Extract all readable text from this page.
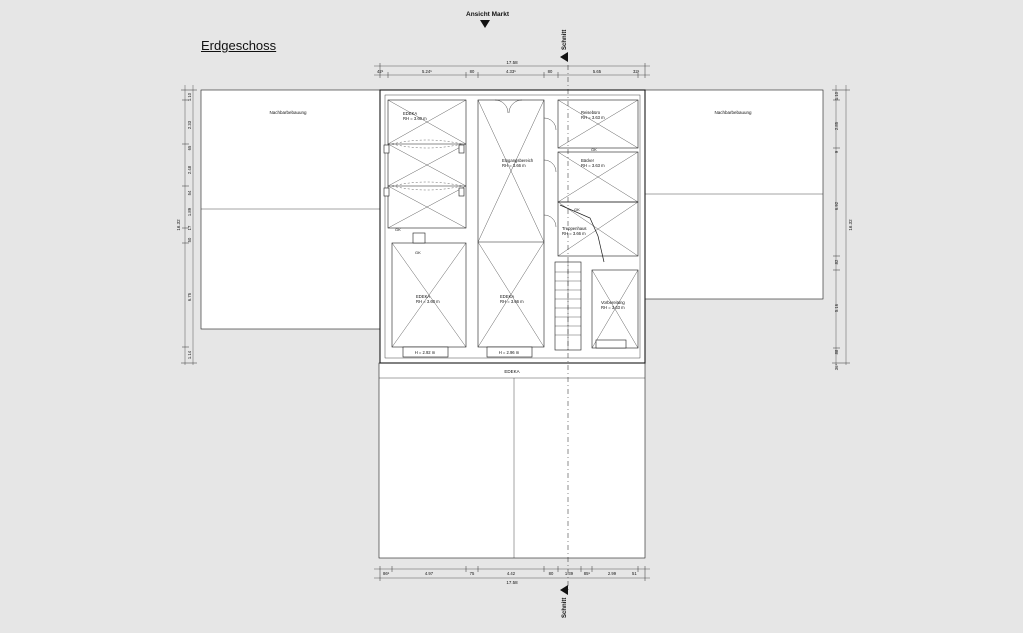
Nachbarbebauung	Nachbarbebauung
EDEKA
EDEKA
RH = 3.60 m
Eingangsbereich
RH = 3.66 m
Reisebüro
RH = 3.63 m
Bäcker
RH = 3.63 m
Treppenhaus
RH = 3.66 m
EDEKA
RH = 3.60 m
EDEKA
RH = 3.66 m	Vorbereitung
RH = 3.63 m
H = 2.92 m	H = 2.96 m
GK
GK
GK
GK
17.58
42⁵	5.24⁵	80	4.33⁵	80	5.65	32⁵
86⁵	4.97	75	4.42	80	1.39	85⁵	2.99	51
17.58
16.32
1.10
2.33
65
2.48
54
1.89
17
50
6.75
1.14
16.32
1.10
2.85
9
6.92
82
5.16
88
36⁵
Erdgeschoss
Ansicht Markt
Schnitt
Schnitt
